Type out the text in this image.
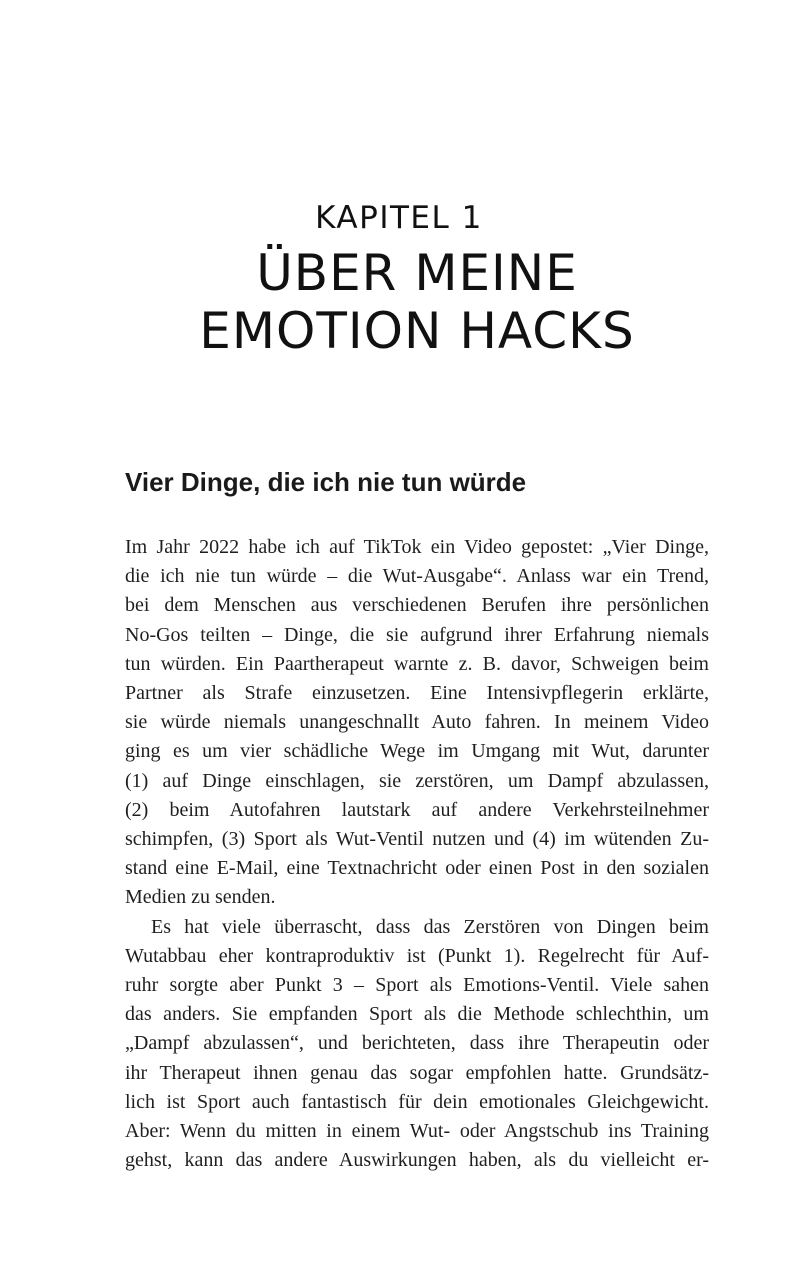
KAPITEL 1
ÜBER MEINE
EMOTION HACKS
Vier Dinge, die ich nie tun würde

Im Jahr 2022 habe ich auf TikTok ein Video gepostet: „Vier Dinge,
die ich nie tun würde – die Wut-Ausgabe“. Anlass war ein Trend,
bei dem Menschen aus verschiedenen Berufen ihre persönlichen
No-Gos teilten – Dinge, die sie aufgrund ihrer Erfahrung niemals
tun würden. Ein Paartherapeut warnte z. B. davor, Schweigen beim
Partner als Strafe einzusetzen. Eine Intensivpflegerin erklärte,
sie würde niemals unangeschnallt Auto fahren. In meinem Video
ging es um vier schädliche Wege im Umgang mit Wut, darunter
(1) auf Dinge einschlagen, sie zerstören, um Dampf abzulassen,
(2) beim Autofahren lautstark auf andere Verkehrsteilnehmer
schimpfen, (3) Sport als Wut-Ventil nutzen und (4) im wütenden Zu-
stand eine E-Mail, eine Textnachricht oder einen Post in den sozialen
Medien zu senden.

Es hat viele überrascht, dass das Zerstören von Dingen beim
Wutabbau eher kontraproduktiv ist (Punkt 1). Regelrecht für Auf-
ruhr sorgte aber Punkt 3 – Sport als Emotions-Ventil. Viele sahen
das anders. Sie empfanden Sport als die Methode schlechthin, um
„Dampf abzulassen“, und berichteten, dass ihre Therapeutin oder
ihr Therapeut ihnen genau das sogar empfohlen hatte. Grundsätz-
lich ist Sport auch fantastisch für dein emotionales Gleichgewicht.
Aber: Wenn du mitten in einem Wut- oder Angstschub ins Training
gehst, kann das andere Auswirkungen haben, als du vielleicht er-
